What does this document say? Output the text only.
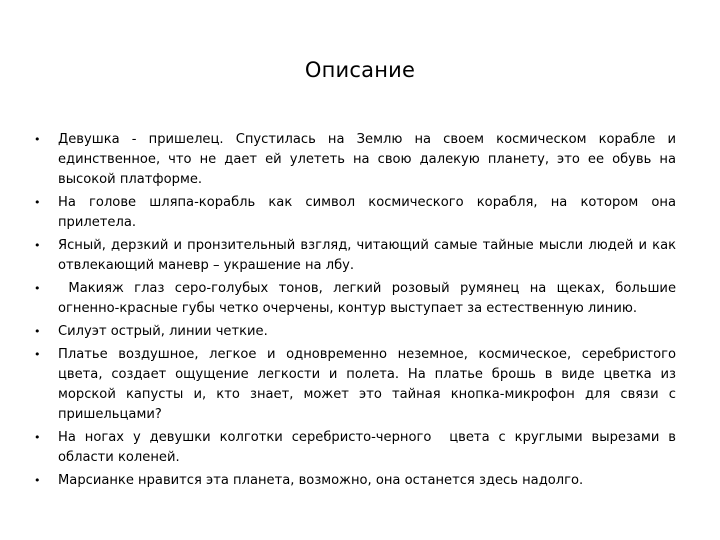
Описание
• Девушка - пришелец. Спустилась на Землю на своем космическом корабле и единственное, что не дает ей улететь на свою далекую планету, это ее обувь на высокой платформе.
• На голове шляпа-корабль как символ космического корабля, на котором она прилетела.
• Ясный, дерзкий и пронзительный взгляд, читающий самые тайные мысли людей и как отвлекающий маневр – украшение на лбу.
• Макияж глаз серо-голубых тонов, легкий розовый румянец на щеках, большие огненно-красные губы четко очерчены, контур выступает за естественную линию.
• Силуэт острый, линии четкие.
• Платье воздушное, легкое и одновременно неземное, космическое, серебристого цвета, создает ощущение легкости и полета. На платье брошь в виде цветка из морской капусты и, кто знает, может это тайная кнопка-микрофон для связи с пришельцами?
• На ногах у девушки колготки серебристо-черного  цвета с круглыми вырезами в области коленей.
• Марсианке нравится эта планета, возможно, она останется здесь надолго.
